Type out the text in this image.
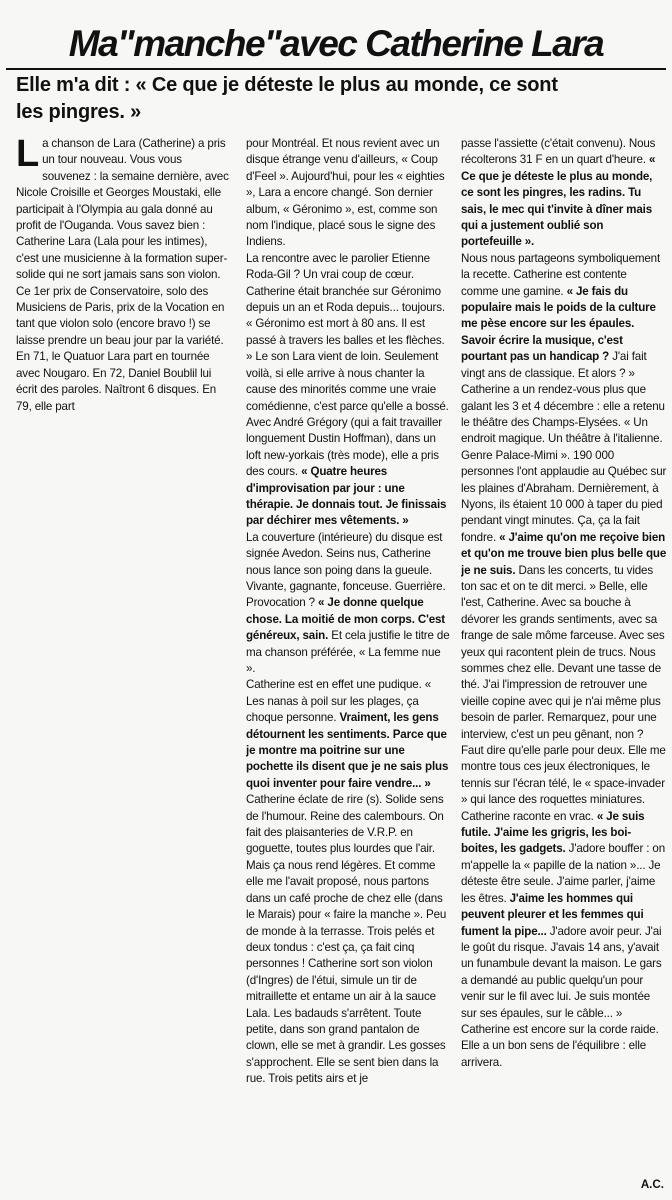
Ma"manche"avec Catherine Lara
Elle m'a dit : « Ce que je déteste le plus au monde, ce sont les pingres. »

La chanson de Lara (Catherine) a pris un tour nouveau. Vous vous souvenez : la semaine dernière, avec Nicole Croisille et Georges Moustaki, elle participait à l'Olympia au gala donné au profit de l'Ouganda. Vous savez bien : Catherine Lara (Lala pour les intimes), c'est une musicienne à la formation super-solide qui ne sort jamais sans son violon. Ce 1er prix de Conservatoire, solo des Musiciens de Paris, prix de la Vocation en tant que violon solo (encore bravo !) se laisse prendre un beau jour par la variété. En 71, le Quatuor Lara part en tournée avec Nougaro. En 72, Daniel Boublil lui écrit des paroles. Naîtront 6 disques. En 79, elle part

pour Montréal. Et nous revient avec un disque étrange venu d'ailleurs, « Coup d'Feel ». Aujourd'hui, pour les « eighties », Lara a encore changé. Son dernier album, « Géronimo », est, comme son nom l'indique, placé sous le signe des Indiens.

La rencontre avec le parolier Etienne Roda-Gil ? Un vrai coup de cœur. Catherine était branchée sur Géronimo depuis un an et Roda depuis... toujours. « Géronimo est mort à 80 ans. Il est passé à travers les balles et les flèches. » Le son Lara vient de loin. Seulement voilà, si elle arrive à nous chanter la cause des minorités comme une vraie comédienne, c'est parce qu'elle a bossé.

Avec André Grégory (qui a fait travailler longuement Dustin Hoffman), dans un loft new-yorkais (très mode), elle a pris des cours. « Quatre heures d'improvisation par jour : une thérapie. Je donnais tout. Je finissais par déchirer mes vêtements. »

La couverture (intérieure) du disque est signée Avedon. Seins nus, Catherine nous lance son poing dans la gueule. Vivante, gagnante, fonceuse. Guerrière. Provocation ? « Je donne quelque chose. La moitié de mon corps. C'est généreux, sain. Et cela justifie le titre de ma chanson préférée, « La femme nue ».

Catherine est en effet une pudique. « Les nanas à poil sur les plages, ça choque personne. Vraiment, les gens détournent les sentiments. Parce que je montre ma poitrine sur une pochette ils disent que je ne sais plus quoi inventer pour faire vendre... » Catherine éclate de rire (s). Solide sens de l'humour. Reine des calembours. On fait des plaisanteries de V.R.P. en goguette, toutes plus lourdes que l'air. Mais ça nous rend légères. Et comme elle me l'avait proposé, nous partons dans un café proche de chez elle (dans le Marais) pour « faire la manche ». Peu de monde à la terrasse. Trois pelés et deux tondus : c'est ça, ça fait cinq personnes ! Catherine sort son violon (d'Ingres) de l'étui, simule un tir de mitraillette et entame un air à la sauce Lala. Les badauds s'arrêtent. Toute petite, dans son grand pantalon de clown, elle se met à grandir. Les gosses s'approchent. Elle se sent bien dans la rue. Trois petits airs et je

passe l'assiette (c'était convenu). Nous récolterons 31 F en un quart d'heure. « Ce que je déteste le plus au monde, ce sont les pingres, les radins. Tu sais, le mec qui t'invite à dîner mais qui a justement oublié son portefeuille ».

Nous nous partageons symboliquement la recette. Catherine est contente comme une gamine. « Je fais du populaire mais le poids de la culture me pèse encore sur les épaules. Savoir écrire la musique, c'est pourtant pas un handicap ? J'ai fait vingt ans de classique. Et alors ? » Catherine a un rendez-vous plus que galant les 3 et 4 décembre : elle a retenu le théâtre des Champs-Elysées. « Un endroit magique. Un théâtre à l'italienne. Genre Palace-Mimi ». 190 000 personnes l'ont applaudie au Québec sur les plaines d'Abraham. Dernièrement, à Nyons, ils étaient 10 000 à taper du pied pendant vingt minutes. Ça, ça la fait fondre. « J'aime qu'on me reçoive bien et qu'on me trouve bien plus belle que je ne suis. Dans les concerts, tu vides ton sac et on te dit merci. » Belle, elle l'est, Catherine. Avec sa bouche à dévorer les grands sentiments, avec sa frange de sale môme farceuse. Avec ses yeux qui racontent plein de trucs. Nous sommes chez elle. Devant une tasse de thé. J'ai l'impression de retrouver une vieille copine avec qui je n'ai même plus besoin de parler. Remarquez, pour une interview, c'est un peu gênant, non ? Faut dire qu'elle parle pour deux. Elle me montre tous ces jeux électroniques, le tennis sur l'écran télé, le « space-invader » qui lance des roquettes miniatures. Catherine raconte en vrac. « Je suis futile. J'aime les grigris, les boi-boites, les gadgets. J'adore bouffer : on m'appelle la « papille de la nation »... Je déteste être seule. J'aime parler, j'aime les êtres. J'aime les hommes qui peuvent pleurer et les femmes qui fument la pipe... J'adore avoir peur. J'ai le goût du risque. J'avais 14 ans, y'avait un funambule devant la maison. Le gars a demandé au public quelqu'un pour venir sur le fil avec lui. Je suis montée sur ses épaules, sur le câble... » Catherine est encore sur la corde raide. Elle a un bon sens de l'équilibre : elle arrivera.

A.C.
